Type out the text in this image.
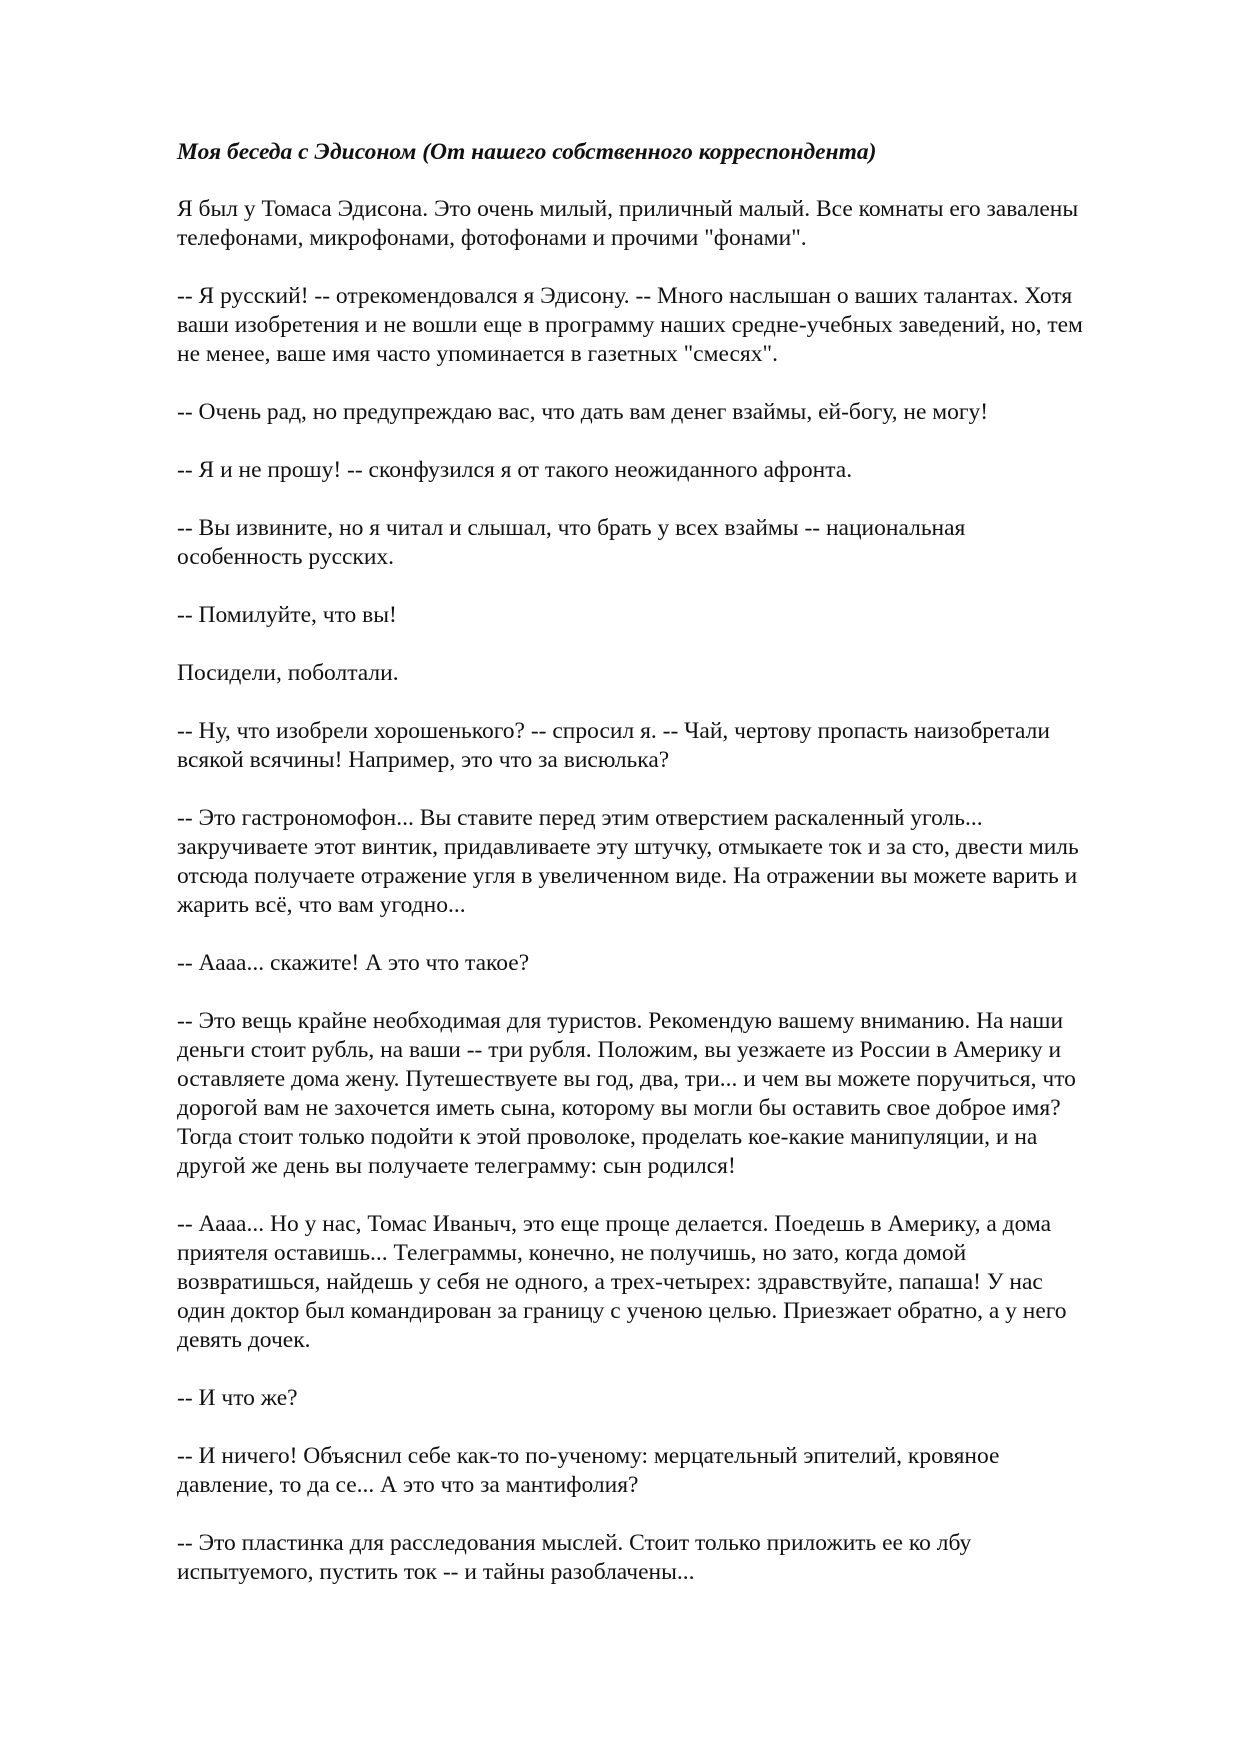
Моя беседа с Эдисоном (От нашего собственного корреспондента)
Я был у Томаса Эдисона. Это очень милый, приличный малый. Все комнаты его завалены
телефонами, микрофонами, фотофонами и прочими "фонами".
-- Я русский! -- отрекомендовался я Эдисону. -- Много наслышан о ваших талантах. Хотя
ваши изобретения и не вошли еще в программу наших средне-учебных заведений, но, тем
не менее, ваше имя часто упоминается в газетных "смесях".
-- Очень рад, но предупреждаю вас, что дать вам денег взаймы, ей-богу, не могу!
-- Я и не прошу! -- сконфузился я от такого неожиданного афронта.
-- Вы извините, но я читал и слышал, что брать у всех взаймы -- национальная
особенность русских.
-- Помилуйте, что вы!
Посидели, поболтали.
-- Ну, что изобрели хорошенького? -- спросил я. -- Чай, чертову пропасть наизобретали
всякой всячины! Например, это что за висюлька?
-- Это гастрономофон... Вы ставите перед этим отверстием раскаленный уголь...
закручиваете этот винтик, придавливаете эту штучку, отмыкаете ток и за сто, двести миль
отсюда получаете отражение угля в увеличенном виде. На отражении вы можете варить и
жарить всё, что вам угодно...
-- Аааа... скажите! А это что такое?
-- Это вещь крайне необходимая для туристов. Рекомендую вашему вниманию. На наши
деньги стоит рубль, на ваши -- три рубля. Положим, вы уезжаете из России в Америку и
оставляете дома жену. Путешествуете вы год, два, три... и чем вы можете поручиться, что
дорогой вам не захочется иметь сына, которому вы могли бы оставить свое доброе имя?
Тогда стоит только подойти к этой проволоке, проделать кое-какие манипуляции, и на
другой же день вы получаете телеграмму: сын родился!
-- Аааа... Но у нас, Томас Иваныч, это еще проще делается. Поедешь в Америку, а дома
приятеля оставишь... Телеграммы, конечно, не получишь, но зато, когда домой
возвратишься, найдешь у себя не одного, а трех-четырех: здравствуйте, папаша! У нас
один доктор был командирован за границу с ученою целью. Приезжает обратно, а у него
девять дочек.
-- И что же?
-- И ничего! Объяснил себе как-то по-ученому: мерцательный эпителий, кровяное
давление, то да се... А это что за мантифолия?
-- Это пластинка для расследования мыслей. Стоит только приложить ее ко лбу
испытуемого, пустить ток -- и тайны разоблачены...
